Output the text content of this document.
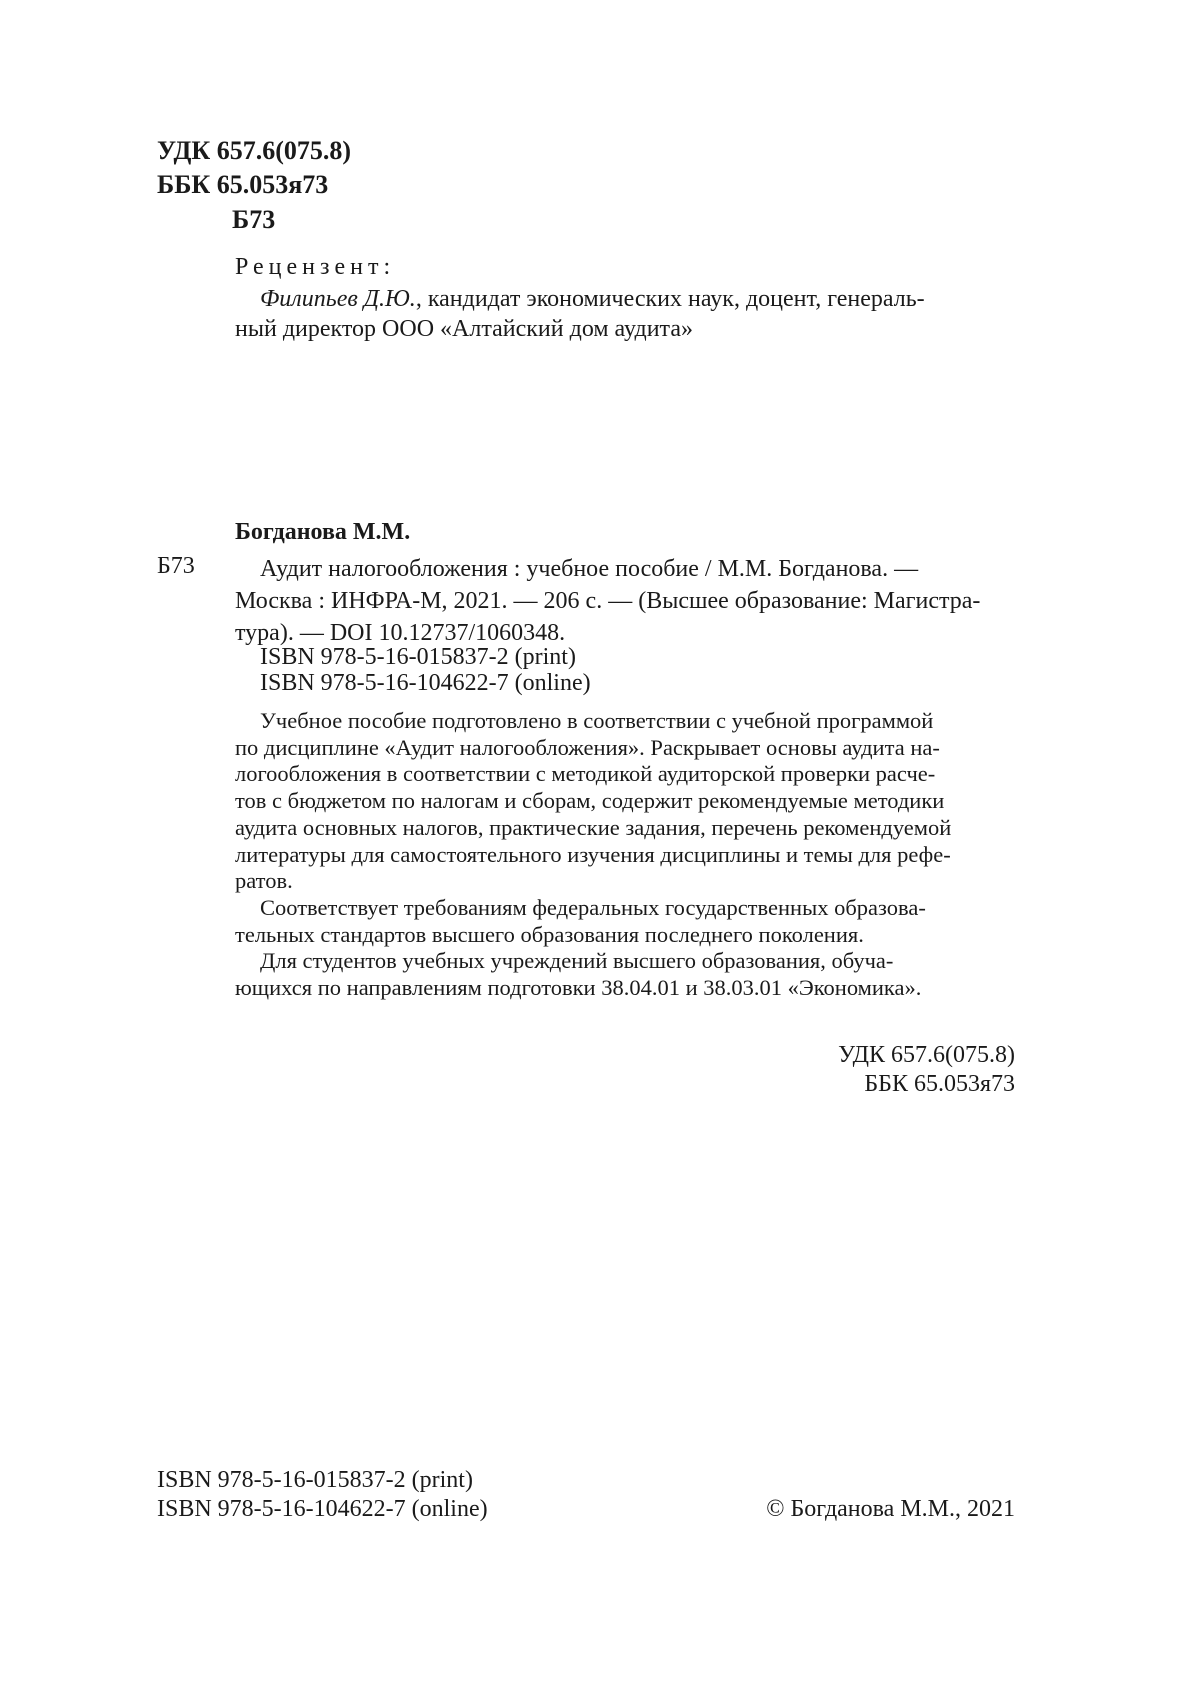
УДК 657.6(075.8)
ББК 65.053я73
Б73
Рецензент:
Филипьев Д.Ю., кандидат экономических наук, доцент, генераль-
ный директор ООО «Алтайский дом аудита»
Богданова М.М.
Б73	Аудит налогообложения : учебное пособие / М.М. Богданова. —

Москва : ИНФРА-М, 2021. — 206 с. — (Высшее образование: Магистра-

тура). — DOI 10.12737/1060348.

ISBN 978-5-16-015837-2 (print)
ISBN 978-5-16-104622-7 (online)

Учебное пособие подготовлено в соответствии с учебной программой

по дисциплине «Аудит налогообложения». Раскрывает основы аудита на-

логообложения в соответствии с методикой аудиторской проверки расче-

тов с бюджетом по налогам и сборам, содержит рекомендуемые методики

аудита основных налогов, практические задания, перечень рекомендуемой

литературы для самостоятельного изучения дисциплины и темы для рефе-

ратов.

Соответствует требованиям федеральных государственных образова-

тельных стандартов высшего образования последнего поколения.

Для студентов учебных учреждений высшего образования, обуча-

ющихся по направлениям подготовки 38.04.01 и 38.03.01 «Экономика».

УДК 657.6(075.8)
ББК 65.053я73
ISBN 978-5-16-015837-2 (print)
ISBN 978-5-16-104622-7 (online)	© Богданова М.М., 2021
